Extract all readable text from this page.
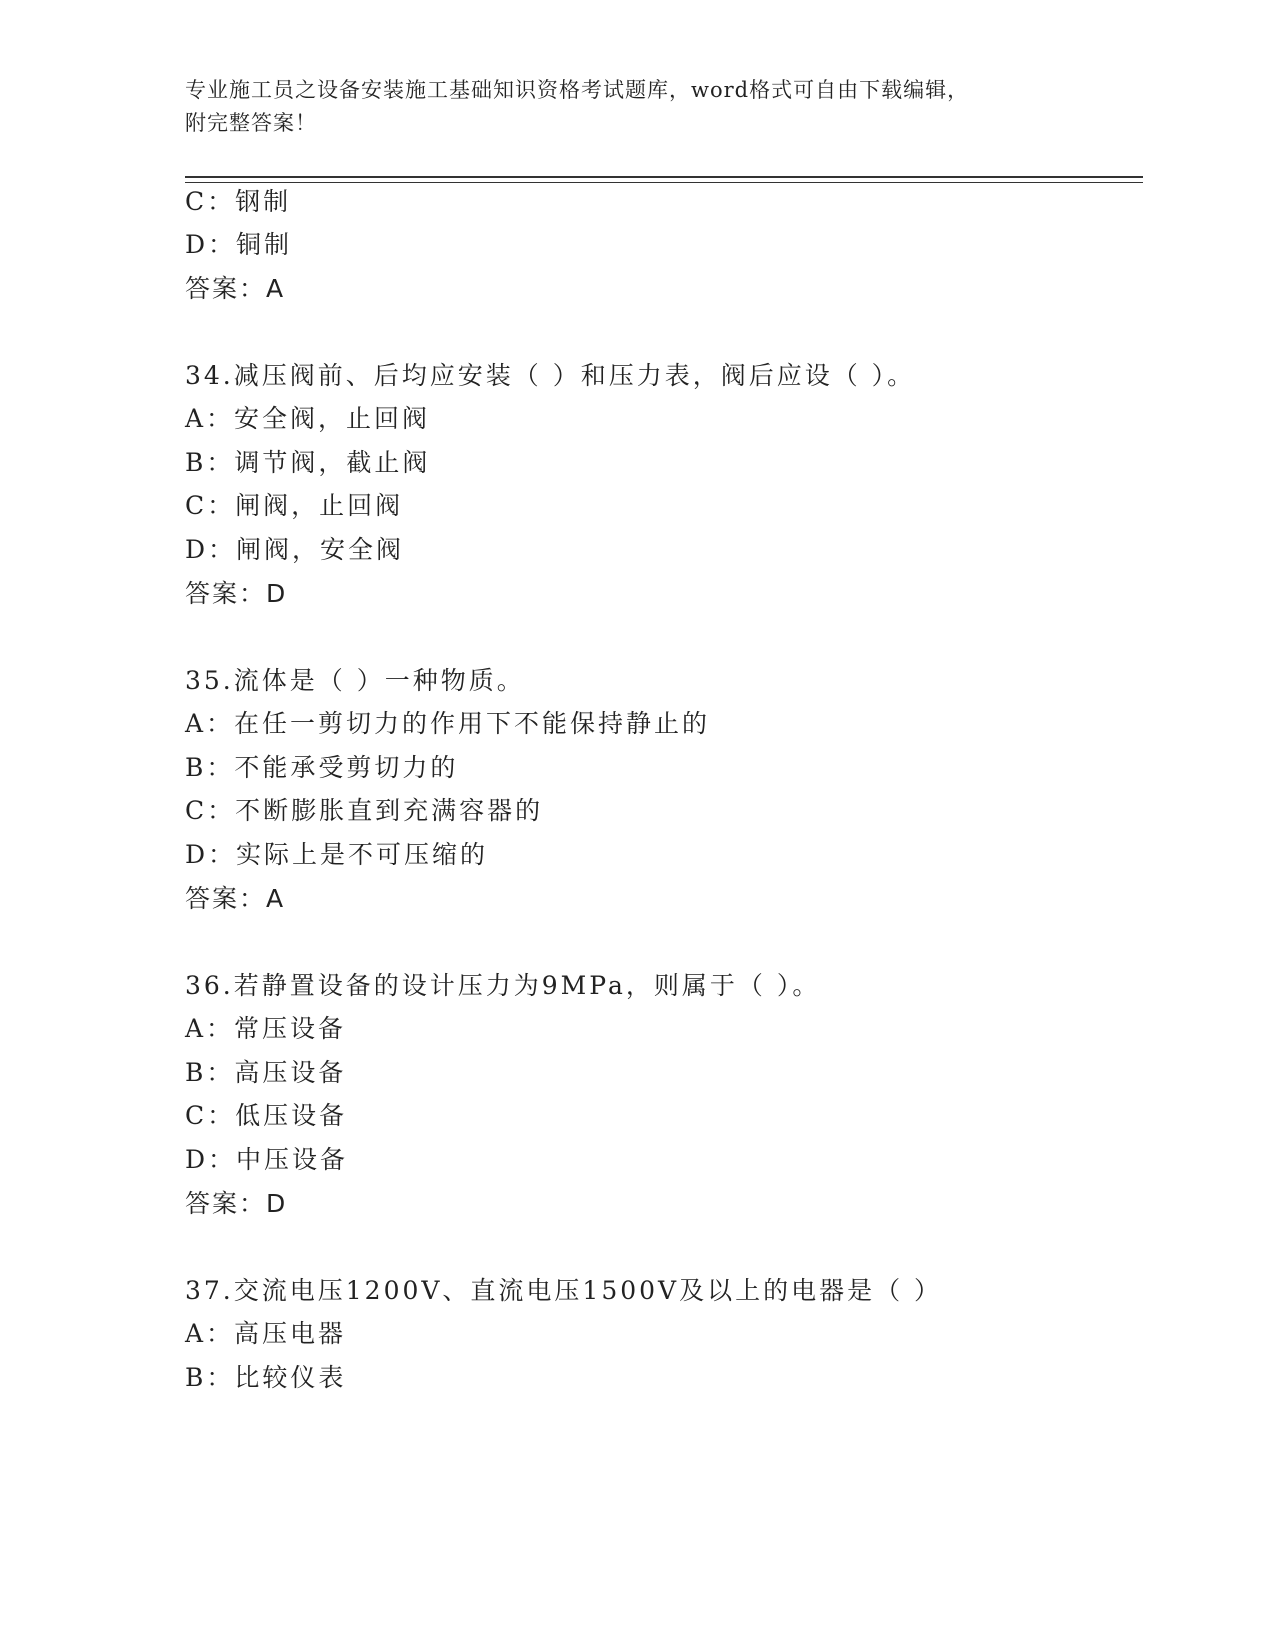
专业施工员之设备安装施工基础知识资格考试题库，word格式可自由下载编辑，
附完整答案！
C：钢制
D：铜制
答案：A
34.减压阀前、后均应安装（ ）和压力表，阀后应设（ ）。
A：安全阀，止回阀
B：调节阀，截止阀
C：闸阀，止回阀
D：闸阀，安全阀
答案：D
35.流体是（ ）一种物质。
A：在任一剪切力的作用下不能保持静止的
B：不能承受剪切力的
C：不断膨胀直到充满容器的
D：实际上是不可压缩的
答案：A
36.若静置设备的设计压力为9MPa，则属于（ ）。
A：常压设备
B：高压设备
C：低压设备
D：中压设备
答案：D
37.交流电压1200V、直流电压1500V及以上的电器是（ ）
A：高压电器
B：比较仪表
